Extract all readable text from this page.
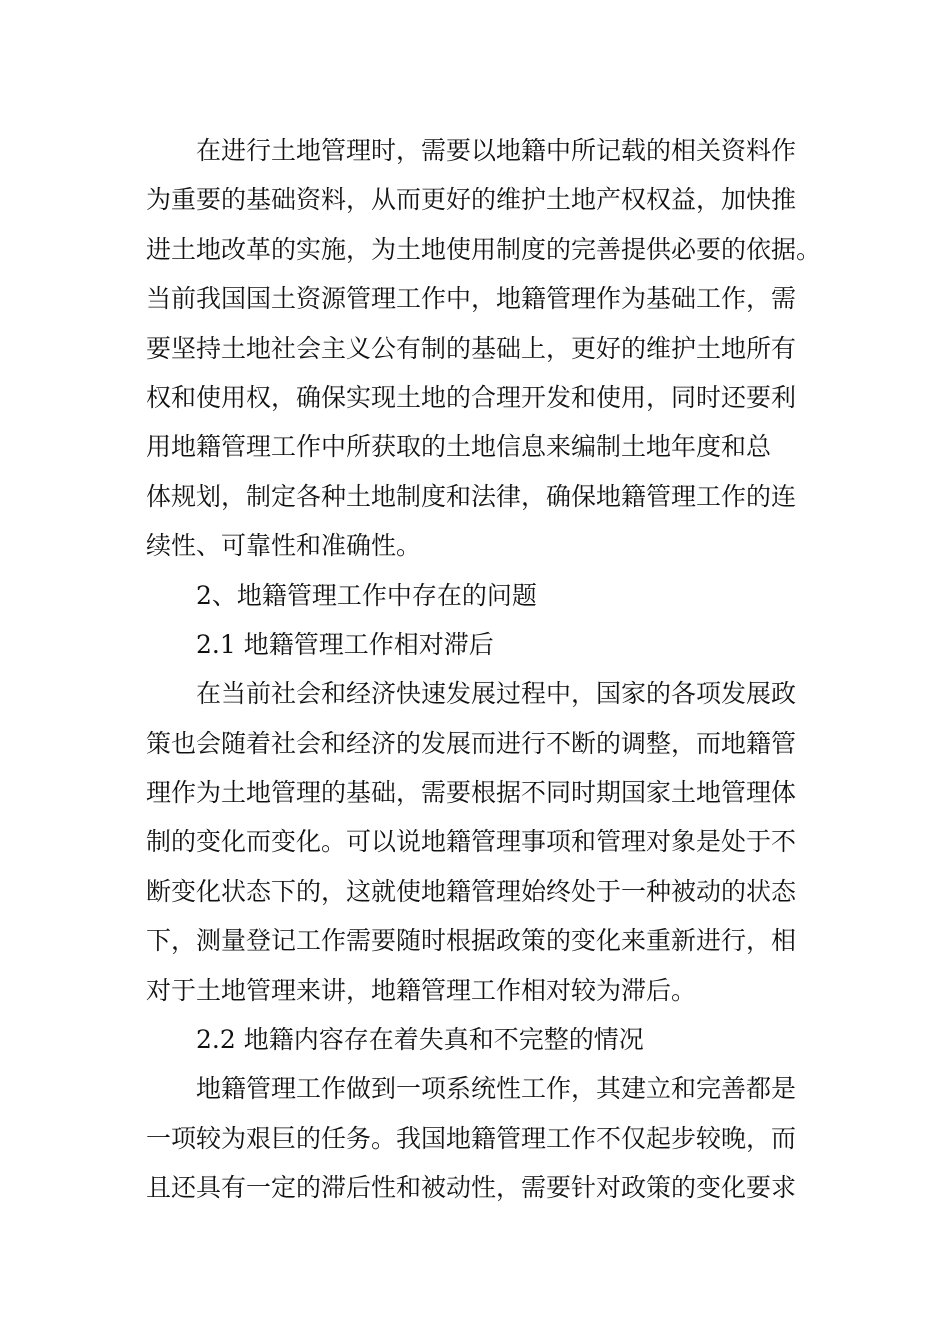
在进行土地管理时，需要以地籍中所记载的相关资料作

为重要的基础资料，从而更好的维护土地产权权益，加快推

进土地改革的实施，为土地使用制度的完善提供必要的依据。

当前我国国土资源管理工作中，地籍管理作为基础工作，需

要坚持土地社会主义公有制的基础上，更好的维护土地所有

权和使用权，确保实现土地的合理开发和使用，同时还要利

用地籍管理工作中所获取的土地信息来编制土地年度和总

体规划，制定各种土地制度和法律，确保地籍管理工作的连

续性、可靠性和准确性。

2、地籍管理工作中存在的问题

2.1 地籍管理工作相对滞后

在当前社会和经济快速发展过程中，国家的各项发展政

策也会随着社会和经济的发展而进行不断的调整，而地籍管

理作为土地管理的基础，需要根据不同时期国家土地管理体

制的变化而变化。可以说地籍管理事项和管理对象是处于不

断变化状态下的，这就使地籍管理始终处于一种被动的状态

下，测量登记工作需要随时根据政策的变化来重新进行，相

对于土地管理来讲，地籍管理工作相对较为滞后。

2.2 地籍内容存在着失真和不完整的情况

地籍管理工作做到一项系统性工作，其建立和完善都是

一项较为艰巨的任务。我国地籍管理工作不仅起步较晚，而

且还具有一定的滞后性和被动性，需要针对政策的变化要求
